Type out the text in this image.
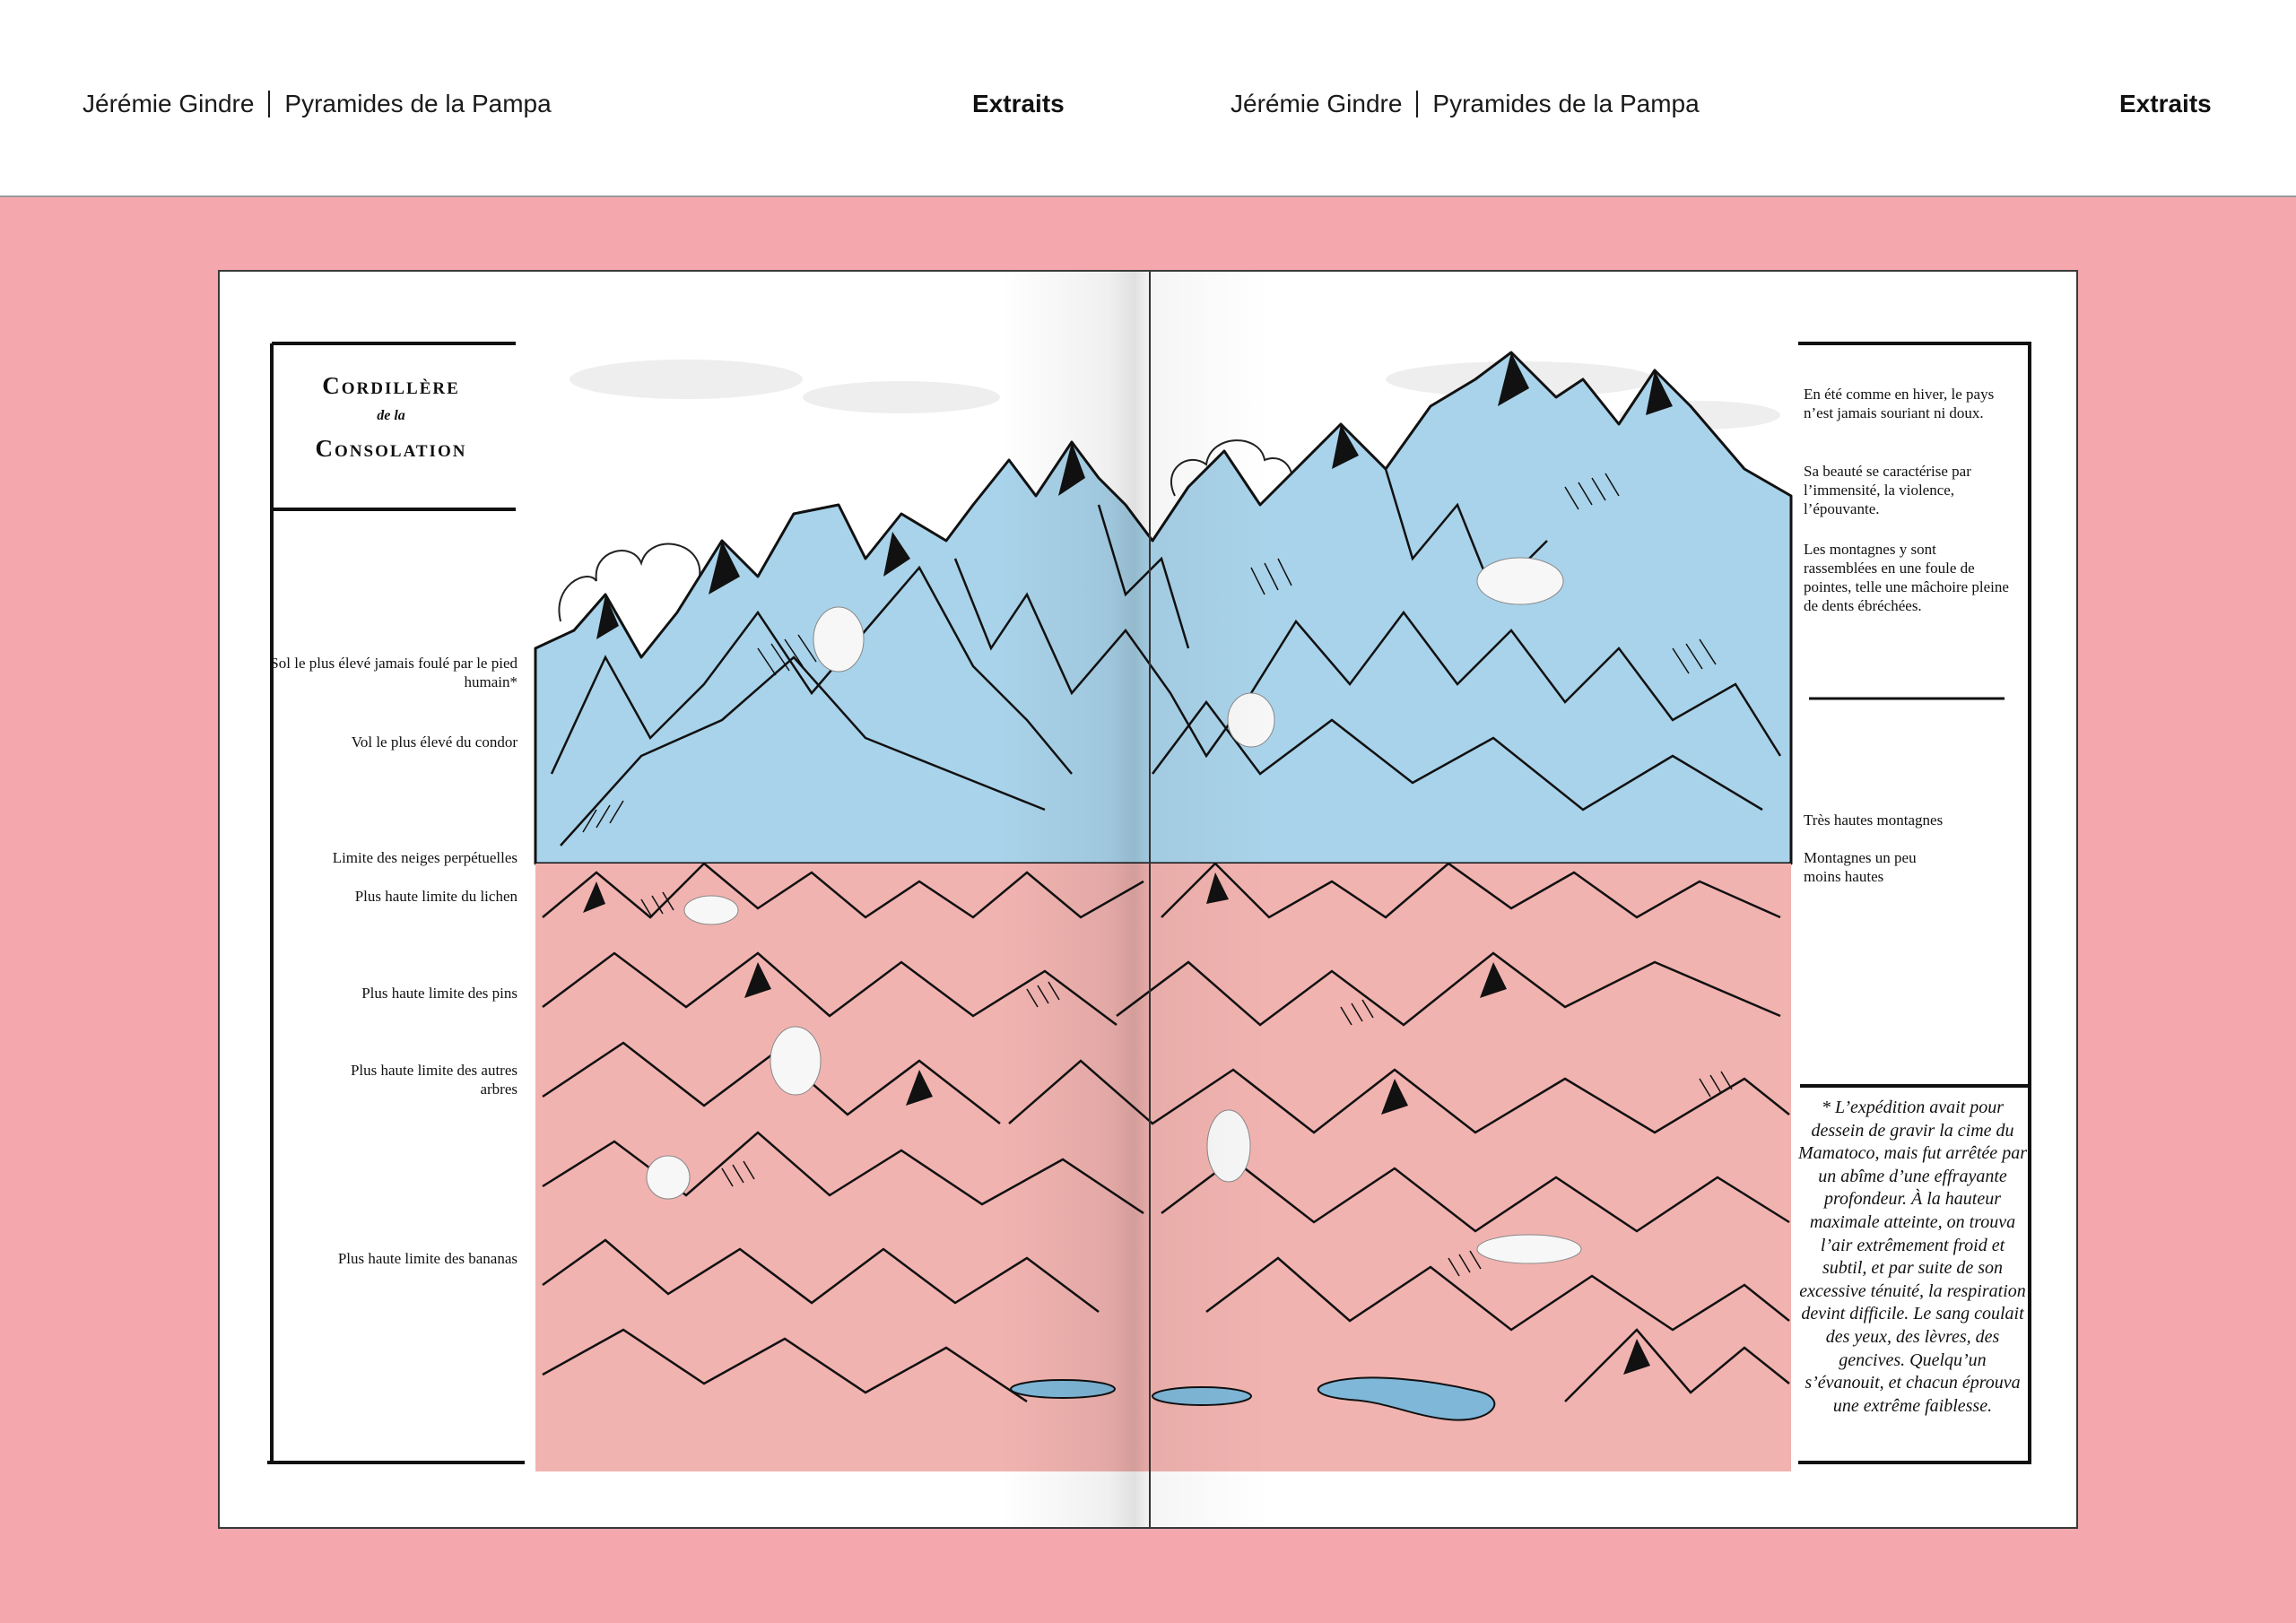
Jérémie Gindre Pyramides de la Pampa	Extraits	Jérémie Gindre Pyramides de la Pampa	Extraits
Cordillère
de la
Consolation
Sol le plus élevé jamais foulé par le pied humain*
Vol le plus élevé du condor
Limite des neiges perpétuelles
Plus haute limite du lichen
Plus haute limite des pins
Plus haute limite des autres arbres
Plus haute limite des bananas
En été comme en hiver, le pays n’est jamais souriant ni doux.
Sa beauté se caractérise par l’immensité, la violence, l’épouvante.
Les montagnes y sont rassemblées en une foule de pointes, telle une mâchoire pleine de dents ébréchées.
Très hautes montagnes
Montagnes un peu moins hautes
* L’expédition avait pour dessein de gravir la cime du Mamatoco, mais fut arrêtée par un abîme d’une effrayante profondeur. À la hauteur maximale atteinte, on trouva l’air extrêmement froid et subtil, et par suite de son excessive ténuité, la respiration devint difficile. Le sang coulait des yeux, des lèvres, des gencives. Quelqu’un s’évanouit, et chacun éprouva une extrême faiblesse.
